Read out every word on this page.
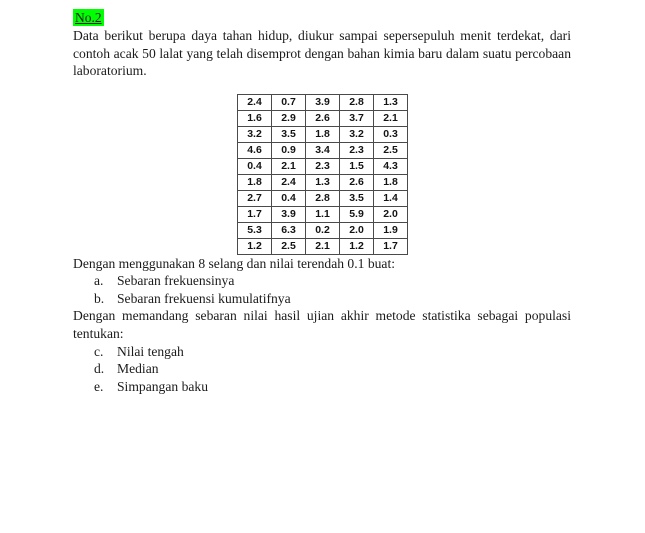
No.2

Data berikut berupa daya tahan hidup, diukur sampai sepersepuluh menit terdekat, dari contoh acak 50 lalat yang telah disemprot dengan bahan kimia baru dalam suatu percobaan laboratorium.

2.4	0.7	3.9	2.8	1.3
1.6	2.9	2.6	3.7	2.1
3.2	3.5	1.8	3.2	0.3
4.6	0.9	3.4	2.3	2.5
0.4	2.1	2.3	1.5	4.3
1.8	2.4	1.3	2.6	1.8
2.7	0.4	2.8	3.5	1.4
1.7	3.9	1.1	5.9	2.0
5.3	6.3	0.2	2.0	1.9
1.2	2.5	2.1	1.2	1.7

Dengan menggunakan 8 selang dan nilai terendah 0.1 buat:

a. Sebaran frekuensinya
b. Sebaran frekuensi kumulatifnya

Dengan memandang sebaran nilai hasil ujian akhir metode statistika sebagai populasi tentukan:

c. Nilai tengah
d. Median
e. Simpangan baku
